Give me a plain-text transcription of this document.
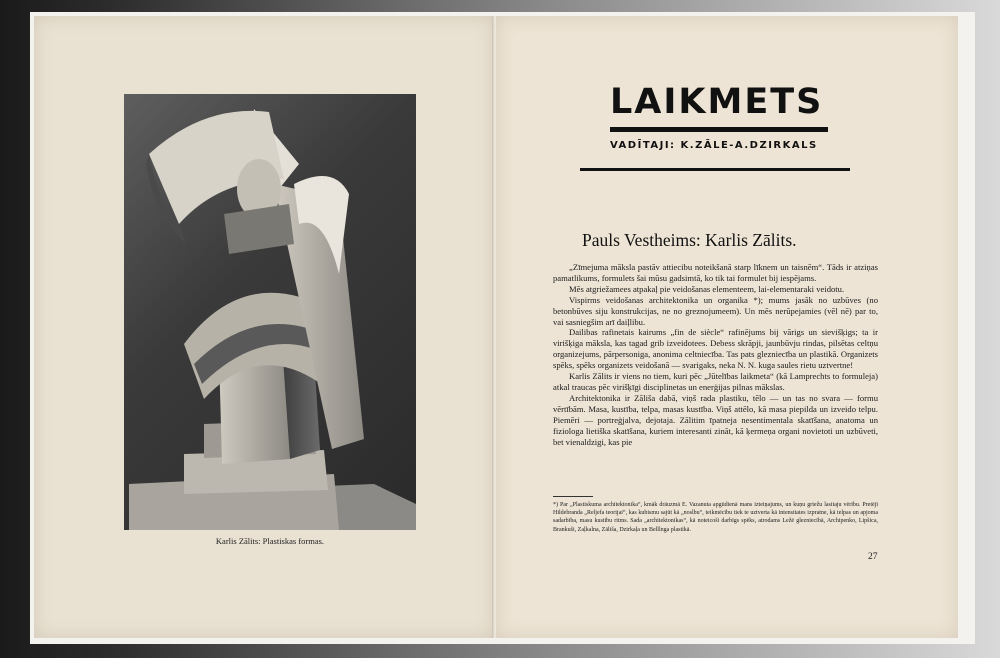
Karlis Zālits: Plastiskas formas.
LAIKMETS
VADĪTAJI: K.ZĀLE-A.DZIRKALS
Pauls Vestheims: Karlis Zālits.

„Zīmejuma māksla pastāv attiecibu noteikšanā starp līknem un taisnēm“. Tāds ir atziņas pamatlikums, formulets šai mūsu gadsimtā, ko tik tai formulet bij iespējams.

Mēs atgriežamees atpakaļ pie veidošanas elementeem, lai-elementaraki veidotu.

Vispirms veidošanas architektonika un organika *); mums jasāk no uzbūves (no betonbūves siju konstrukcijas, ne no greznojumeem). Un mēs nerūpejamies (vēl nē) par to, vai sasniegšim arī daiļlibu.

Dailibas rafinetais kairums „fin de siècle“ rafinējums bij vārigs un sievišķigs; ta ir virišķiga māksla, kas tagad grib izveidotees. Debess skrāpji, jaunbūvju rindas, pilsētas celtņu organizejums, pārpersoniga, anonima celtniecība. Tas pats glezniecība un plastikā. Organizets spēks, spēks organizets veidošanā — svarigaks, neka N. N. kuga saules rietu uztvertne!

Karlis Zālits ir viens no tiem, kuri pēc „Jūtelības laikmeta“ (kā Lamprechts to formuleja) atkal traucas pēc virišķīgi disciplinetas un enerģijas pilnas mākslas.

Architektonika ir Zāliša dabā, viņš rada plastiku, tēlo — un tas no svara — formu vērtībām. Masa, kustība, telpa, masas kustība. Viņš attēlo, kā masa piepilda un izveido telpu. Piemēri — portreģjalva, dejotaja. Zālitim īpatneja nesentimentala skatīšana, anatoma un fiziologa lietiška skatīšana, kuriem interesanti zināt, kā ķermeņa organi novietoti un uzbūveti, bet vienaldzigi, kas pie

*) Par „Plastiskuma architektonika“, kmāk drāuzmā E. Vazanuta apgūdienā mans izteiņajums, un kuņu griežu lasitaju vērību. Pretējī Hildebranda „Reljefa teorijai“, kas kubismu sajūt kā „noslbu“, teikmēcību tiek te uztverta kā intensitates izpratne, kā telpas un apjoma sadarbība, masu kustibu ritms. Sada „architektonikas“, kā noteicoši darbīgs spēks, atrodams Ležē glezniecībā, Archipenko, Lipšica, Brankuši, Zaļkalna, Zāliša, Dzirkaļa un Belllnga plastikā.
27
